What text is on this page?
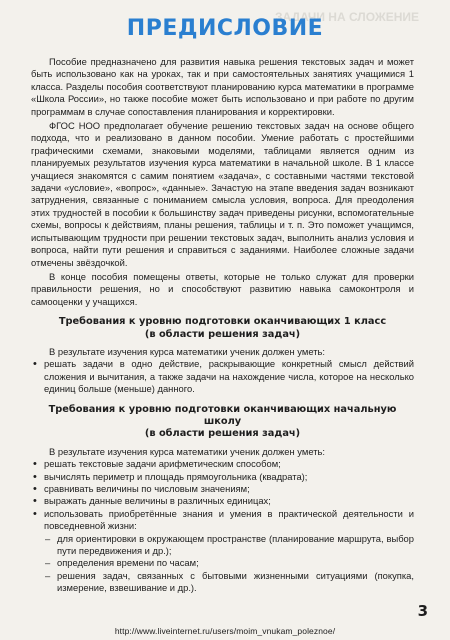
ЗАДАЧИ НА СЛОЖЕНИЕ
ПРЕДИСЛОВИЕ

Пособие предназначено для развития навыка решения текстовых задач и может быть использовано как на уроках, так и при самостоятельных занятиях учащимися 1 класса. Разделы пособия соответствуют планированию курса математики в программе «Школа России», но также пособие может быть использовано и при работе по другим программам в случае сопоставления планирования и корректировки.

ФГОС НОО предполагает обучение решению текстовых задач на основе общего подхода, что и реализовано в данном пособии. Умение работать с простейшими графическими схемами, знаковыми моделями, таблицами является одним из планируемых результатов изучения курса математики в начальной школе. В 1 классе учащиеся знакомятся с самим понятием «задача», с составными частями текстовой задачи «условие», «вопрос», «данные». Зачастую на этапе введения задач возникают затруднения, связанные с пониманием смысла условия, вопроса. Для преодоления этих трудностей в пособии к большинству задач приведены рисунки, вспомогательные схемы, вопросы к действиям, планы решения, таблицы и т. п. Это поможет учащимся, испытывающим трудности при решении текстовых задач, выполнить анализ условия и вопроса, найти пути решения и справиться с заданиями. Наиболее сложные задачи отмечены звёздочкой.

В конце пособия помещены ответы, которые не только служат для проверки правильности решения, но и способствуют развитию навыка самоконтроля и самооценки у учащихся.

Требования к уровню подготовки оканчивающих 1 класс
(в области решения задач)

В результате изучения курса математики ученик должен уметь:

• решать задачи в одно действие, раскрывающие конкретный смысл действий сложения и вычитания, а также задачи на нахождение числа, которое на несколько единиц больше (меньше) данного.
Требования к уровню подготовки оканчивающих начальную школу
(в области решения задач)

В результате изучения курса математики ученик должен уметь:

• решать текстовые задачи арифметическим способом;
• вычислять периметр и площадь прямоугольника (квадрата);
• сравнивать величины по числовым значениям;
• выражать данные величины в различных единицах;
• использовать приобретённые знания и умения в практической деятельности и повседневной жизни:
– для ориентировки в окружающем пространстве (планирование маршрута, выбор пути передвижения и др.);
– определения времени по часам;
– решения задач, связанных с бытовыми жизненными ситуациями (покупка, измерение, взвешивание и др.).
3
http://www.liveinternet.ru/users/moim_vnukam_poleznoe/
